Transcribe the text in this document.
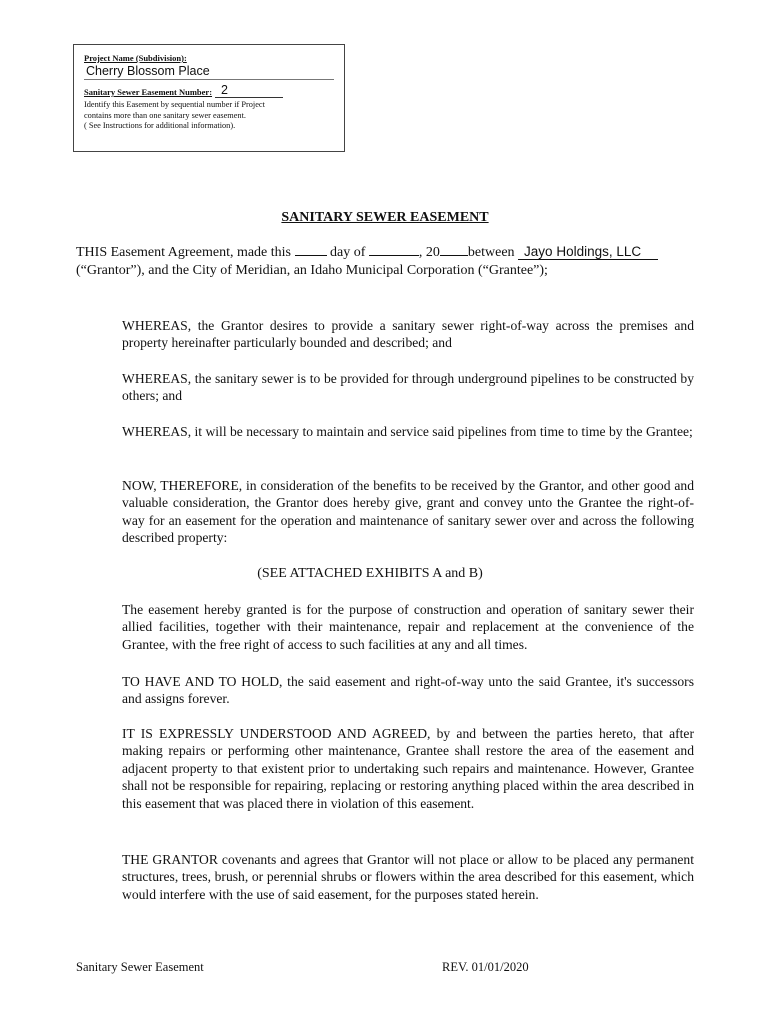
Project Name (Subdivision):
Cherry Blossom Place
Sanitary Sewer Easement Number: 2
Identify this Easement by sequential number if Project
contains more than one sanitary sewer easement.
( See Instructions for additional information).
SANITARY SEWER EASEMENT
THIS Easement Agreement, made this  day of	, 20 between Jayo Holdings, LLC
(“Grantor”), and the City of Meridian, an Idaho Municipal Corporation (“Grantee”);

WHEREAS, the Grantor desires to provide a sanitary sewer right-of-way across the premises and property hereinafter particularly bounded and described; and

WHEREAS, the sanitary sewer is to be provided for through underground pipelines to be constructed by others; and

WHEREAS, it will be necessary to maintain and service said pipelines from time to time by the Grantee;

NOW, THEREFORE, in consideration of the benefits to be received by the Grantor, and other good and valuable consideration, the Grantor does hereby give, grant and convey unto the Grantee the right-of-way for an easement for the operation and maintenance of sanitary sewer over and across the following described property:

(SEE ATTACHED EXHIBITS A and B)

The easement hereby granted is for the purpose of construction and operation of sanitary sewer their allied facilities, together with their maintenance, repair and replacement at the convenience of the Grantee, with the free right of access to such facilities at any and all times.

TO HAVE AND TO HOLD, the said easement and right-of-way unto the said Grantee, it's successors and assigns forever.

IT IS EXPRESSLY UNDERSTOOD AND AGREED, by and between the parties hereto, that after making repairs or performing other maintenance, Grantee shall restore the area of the easement and adjacent property to that existent prior to undertaking such repairs and maintenance. However, Grantee shall not be responsible for repairing, replacing or restoring anything placed within the area described in this easement that was placed there in violation of this easement.

THE GRANTOR covenants and agrees that Grantor will not place or allow to be placed any permanent structures, trees, brush, or perennial shrubs or flowers within the area described for this easement, which would interfere with the use of said easement, for the purposes stated herein.

Sanitary Sewer Easement	REV. 01/01/2020
